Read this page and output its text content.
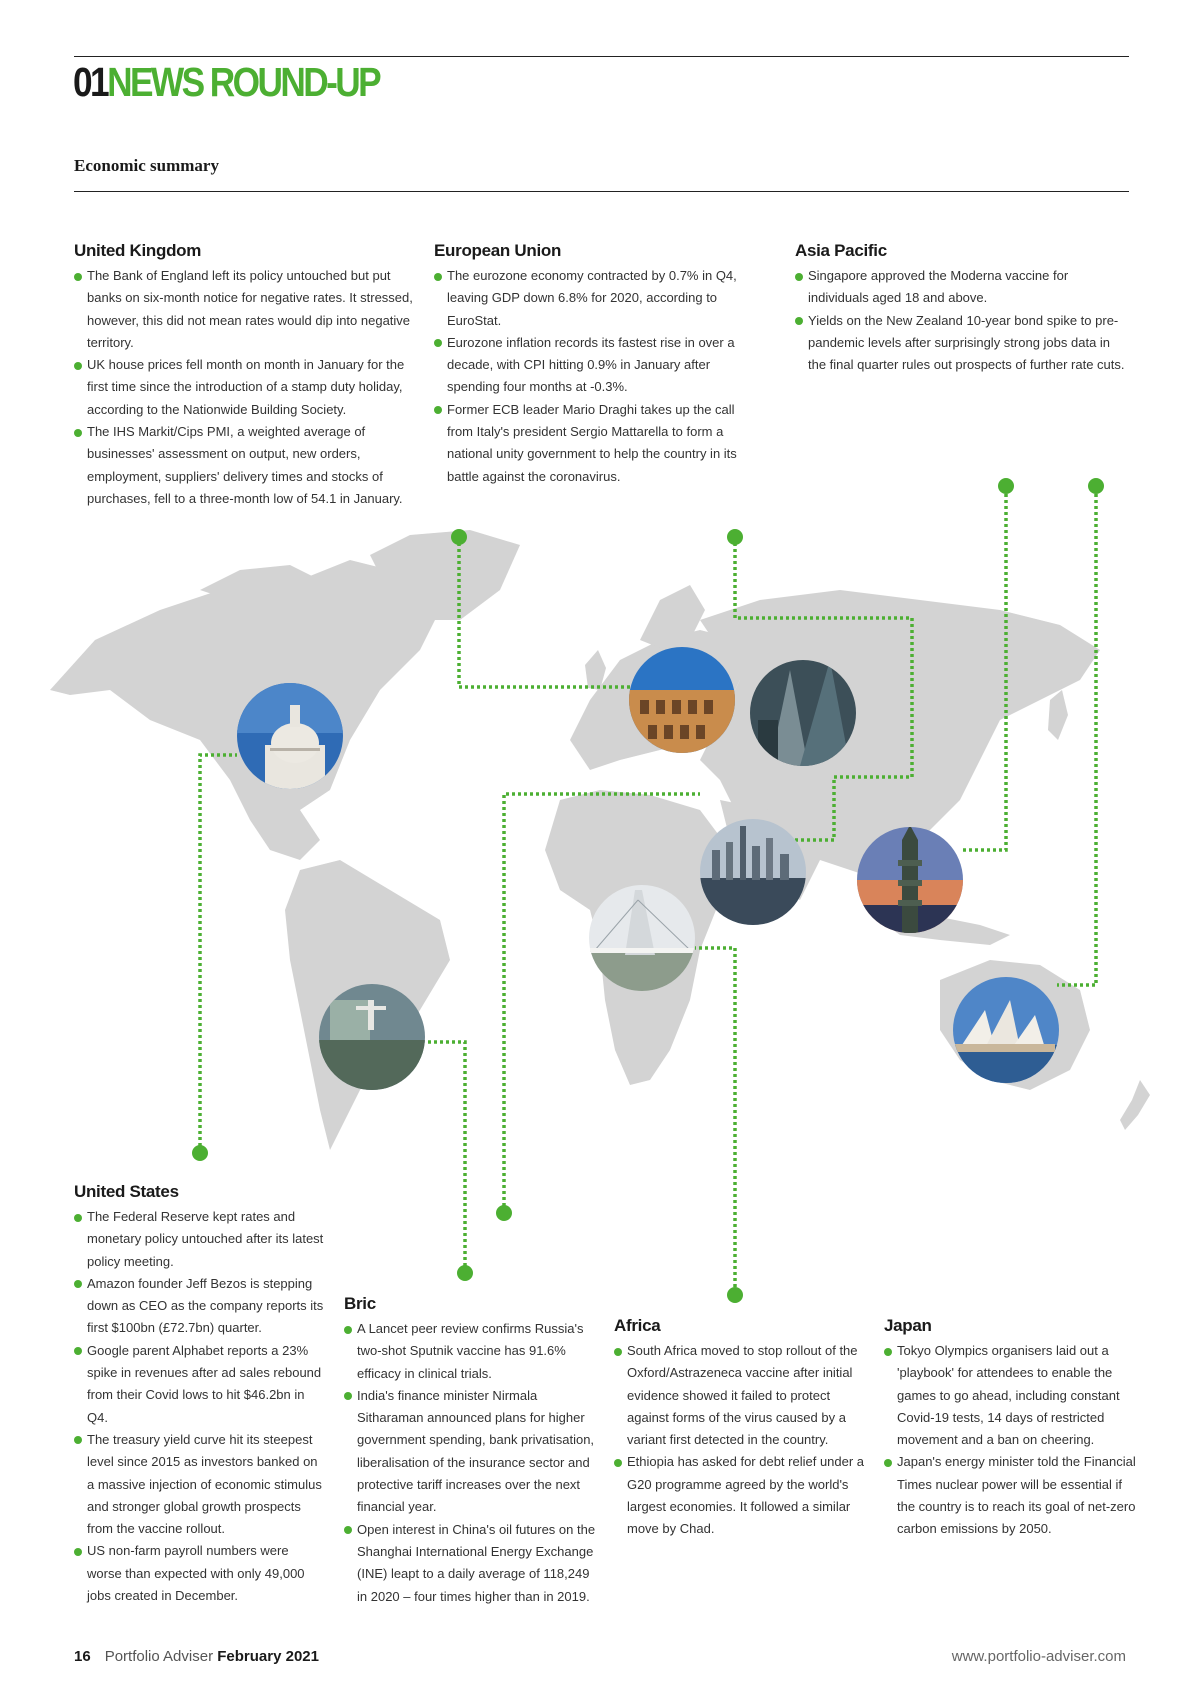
01NEWS ROUND-UP
Economic summary
United Kingdom
The Bank of England left its policy untouched but put banks on six-month notice for negative rates. It stressed, however, this did not mean rates would dip into negative territory.
UK house prices fell month on month in January for the first time since the introduction of a stamp duty holiday, according to the Nationwide Building Society.
The IHS Markit/Cips PMI, a weighted average of businesses' assessment on output, new orders, employment, suppliers' delivery times and stocks of purchases, fell to a three-month low of 54.1 in January.
European Union
The eurozone economy contracted by 0.7% in Q4, leaving GDP down 6.8% for 2020, according to EuroStat.
Eurozone inflation records its fastest rise in over a decade, with CPI hitting 0.9% in January after spending four months at -0.3%.
Former ECB leader Mario Draghi takes up the call from Italy's president Sergio Mattarella to form a national unity government to help the country in its battle against the coronavirus.
Asia Pacific
Singapore approved the Moderna vaccine for individuals aged 18 and above.
Yields on the New Zealand 10-year bond spike to pre-pandemic levels after surprisingly strong jobs data in the final quarter rules out prospects of further rate cuts.
United States
The Federal Reserve kept rates and monetary policy untouched after its latest policy meeting.
Amazon founder Jeff Bezos is stepping down as CEO as the company reports its first $100bn (£72.7bn) quarter.
Google parent Alphabet reports a 23% spike in revenues after ad sales rebound from their Covid lows to hit $46.2bn in Q4.
The treasury yield curve hit its steepest level since 2015 as investors banked on a massive injection of economic stimulus and stronger global growth prospects from the vaccine rollout.
US non-farm payroll numbers were worse than expected with only 49,000 jobs created in December.
Bric
A Lancet peer review confirms Russia's two-shot Sputnik vaccine has 91.6% efficacy in clinical trials.
India's finance minister Nirmala Sitharaman announced plans for higher government spending, bank privatisation, liberalisation of the insurance sector and protective tariff increases over the next financial year.
Open interest in China's oil futures on the Shanghai International Energy Exchange (INE) leapt to a daily average of 118,249 in 2020 – four times higher than in 2019.
Africa
South Africa moved to stop rollout of the Oxford/Astrazeneca vaccine after initial evidence showed it failed to protect against forms of the virus caused by a variant first detected in the country.
Ethiopia has asked for debt relief under a G20 programme agreed by the world's largest economies. It followed a similar move by Chad.
Japan
Tokyo Olympics organisers laid out a 'playbook' for attendees to enable the games to go ahead, including constant Covid-19 tests, 14 days of restricted movement and a ban on cheering.
Japan's energy minister told the Financial Times nuclear power will be essential if the country is to reach its goal of net-zero carbon emissions by 2050.
16 Portfolio Adviser February 2021	www.portfolio-adviser.com
